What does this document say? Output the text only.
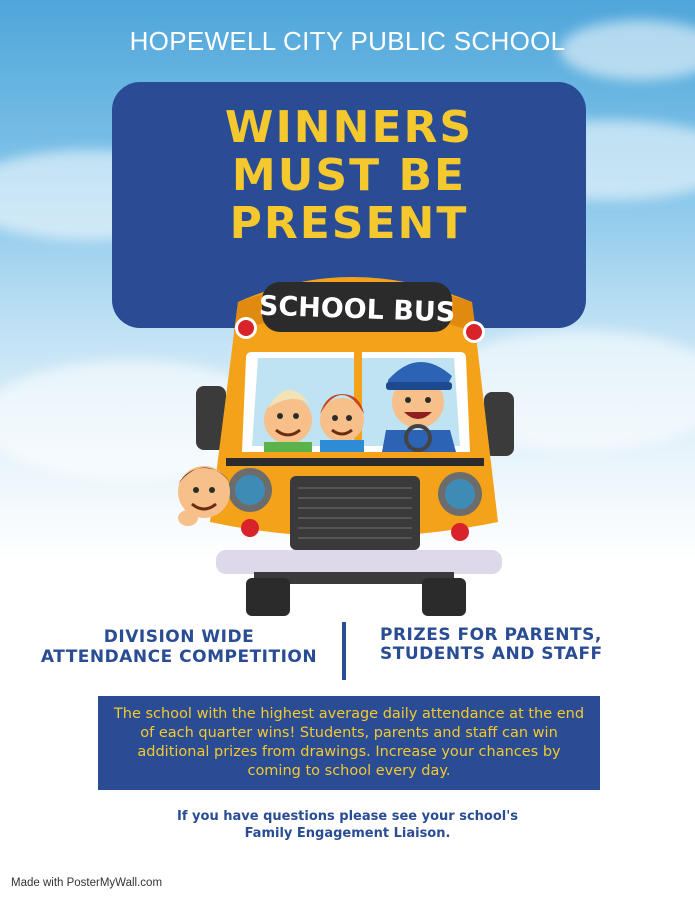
HOPEWELL CITY PUBLIC SCHOOL
WINNERS
MUST BE
PRESENT
SCHOOL BUS
DIVISION WIDE
ATTENDANCE COMPETITION
PRIZES FOR PARENTS,
STUDENTS AND STAFF
The school with the highest average daily attendance at the end
of each quarter wins! Students, parents and staff can win
additional prizes from drawings. Increase your chances by
coming to school every day.
If you have questions please see your school's
Family Engagement Liaison.
Made with PosterMyWall.com
